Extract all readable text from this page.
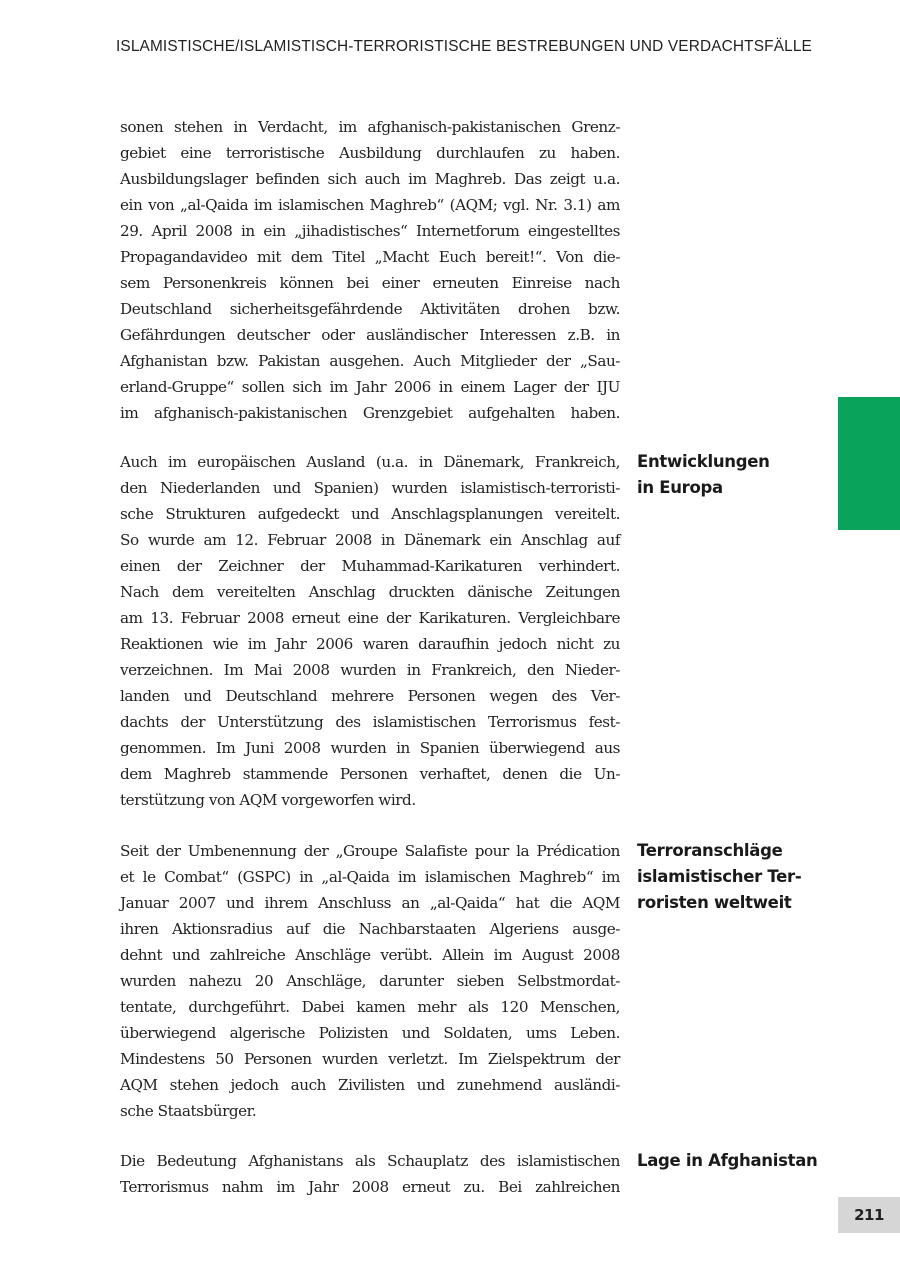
ISLAMISTISCHE/ISLAMISTISCH-TERRORISTISCHE BESTREBUNGEN UND VERDACHTSFÄLLE
sonen stehen in Verdacht, im afghanisch-pakistanischen Grenz-
gebiet eine terroristische Ausbildung durchlaufen zu haben.
Ausbildungslager befinden sich auch im Maghreb. Das zeigt u.a.
ein von „al-Qaida im islamischen Maghreb“ (AQM; vgl. Nr. 3.1) am
29. April 2008 in ein „jihadistisches“ Internetforum eingestelltes
Propagandavideo mit dem Titel „Macht Euch bereit!“. Von die-
sem Personenkreis können bei einer erneuten Einreise nach
Deutschland sicherheitsgefährdende Aktivitäten drohen bzw.
Gefährdungen deutscher oder ausländischer Interessen z.B. in
Afghanistan bzw. Pakistan ausgehen. Auch Mitglieder der „Sau-
erland-Gruppe“ sollen sich im Jahr 2006 in einem Lager der IJU
im afghanisch-pakistanischen Grenzgebiet aufgehalten haben.
Entwicklungen
in Europa
Auch im europäischen Ausland (u.a. in Dänemark, Frankreich,
den Niederlanden und Spanien) wurden islamistisch-terroristi-
sche Strukturen aufgedeckt und Anschlagsplanungen vereitelt.
So wurde am 12. Februar 2008 in Dänemark ein Anschlag auf
einen der Zeichner der Muhammad-Karikaturen verhindert.
Nach dem vereitelten Anschlag druckten dänische Zeitungen
am 13. Februar 2008 erneut eine der Karikaturen. Vergleichbare
Reaktionen wie im Jahr 2006 waren daraufhin jedoch nicht zu
verzeichnen. Im Mai 2008 wurden in Frankreich, den Nieder-
landen und Deutschland mehrere Personen wegen des Ver-
dachts der Unterstützung des islamistischen Terrorismus fest-
genommen. Im Juni 2008 wurden in Spanien überwiegend aus
dem Maghreb stammende Personen verhaftet, denen die Un-
terstützung von AQM vorgeworfen wird.
Terroranschläge
islamistischer Ter-
roristen weltweit
Seit der Umbenennung der „Groupe Salafiste pour la Prédication
et le Combat“ (GSPC) in „al-Qaida im islamischen Maghreb“ im
Januar 2007 und ihrem Anschluss an „al-Qaida“ hat die AQM
ihren Aktionsradius auf die Nachbarstaaten Algeriens ausge-
dehnt und zahlreiche Anschläge verübt. Allein im August 2008
wurden nahezu 20 Anschläge, darunter sieben Selbstmordat-
tentate, durchgeführt. Dabei kamen mehr als 120 Menschen,
überwiegend algerische Polizisten und Soldaten, ums Leben.
Mindestens 50 Personen wurden verletzt. Im Zielspektrum der
AQM stehen jedoch auch Zivilisten und zunehmend ausländi-
sche Staatsbürger.
Lage in Afghanistan
Die Bedeutung Afghanistans als Schauplatz des islamistischen
Terrorismus nahm im Jahr 2008 erneut zu. Bei zahlreichen
211
